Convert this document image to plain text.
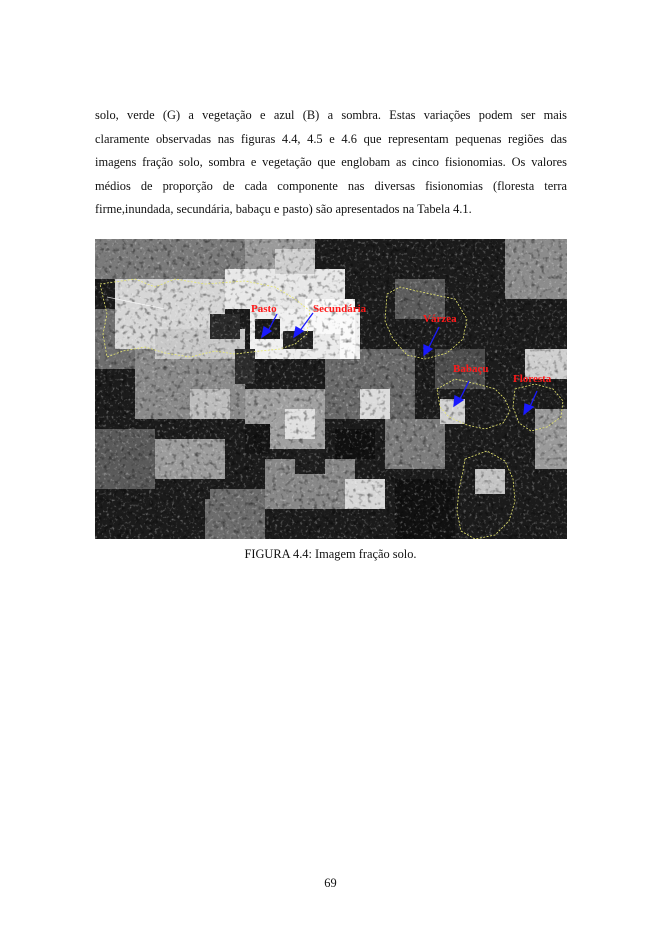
solo, verde (G) a vegetação e azul (B) a sombra. Estas variações podem ser mais
claramente observadas nas figuras 4.4, 4.5 e 4.6 que representam pequenas regiões das
imagens fração solo, sombra e vegetação que englobam as cinco fisionomias. Os valores
médios de proporção de cada componente nas diversas fisionomias (floresta terra
firme,inundada, secundária, babaçu e pasto) são apresentados na Tabela 4.1.

Pasto	Secundária
Várzea
Babaçu
Floresta
FIGURA 4.4: Imagem fração solo.
69
